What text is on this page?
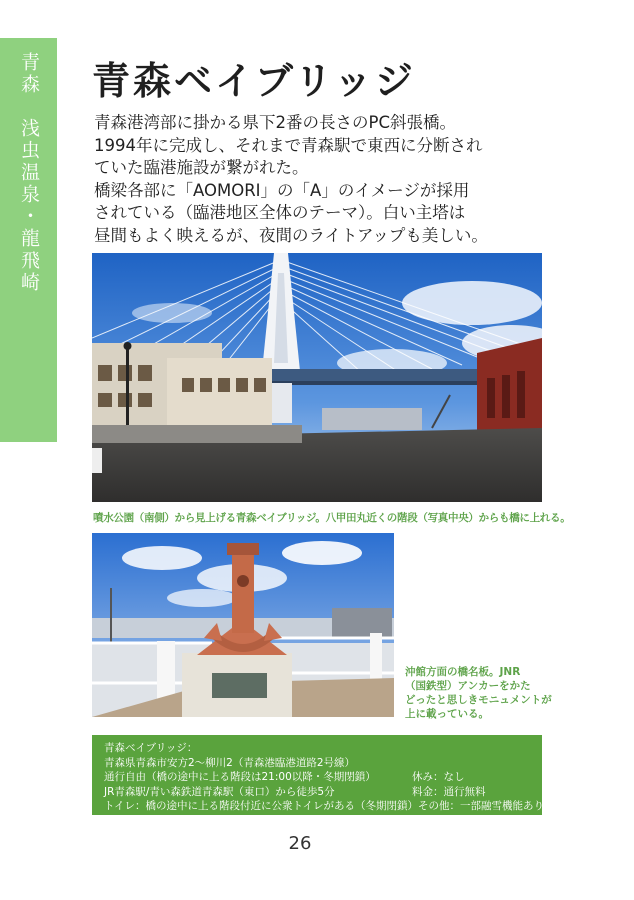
青森　浅虫温泉・龍飛崎 青森ベイブリッジ

青森港湾部に掛かる県下2番の長さのPC斜張橋。

1994年に完成し、それまで青森駅で東西に分断され

ていた臨港施設が繋がれた。

橋梁各部に「AOMORI」の「A」のイメージが採用

されている（臨港地区全体のテーマ）。白い主塔は

昼間もよく映えるが、夜間のライトアップも美しい。

噴水公園（南側）から見上げる青森ベイブリッジ。八甲田丸近くの階段（写真中央）からも橋に上れる。

沖館方面の橋名板。JNR

（国鉄型）アンカーをかた

どったと思しきモニュメントが

上に載っている。

青森ベイブリッジ：
青森県青森市安方2～柳川2（青森港臨港道路2号線）
通行自由（橋の途中に上る階段は21:00以降・冬期閉鎖）	休み：なし
JR青森駅/青い森鉄道青森駅（東口）から徒歩5分	料金：通行無料
トイレ：橋の途中に上る階段付近に公衆トイレがある（冬期閉鎖） その他：一部融雪機能あり
26
